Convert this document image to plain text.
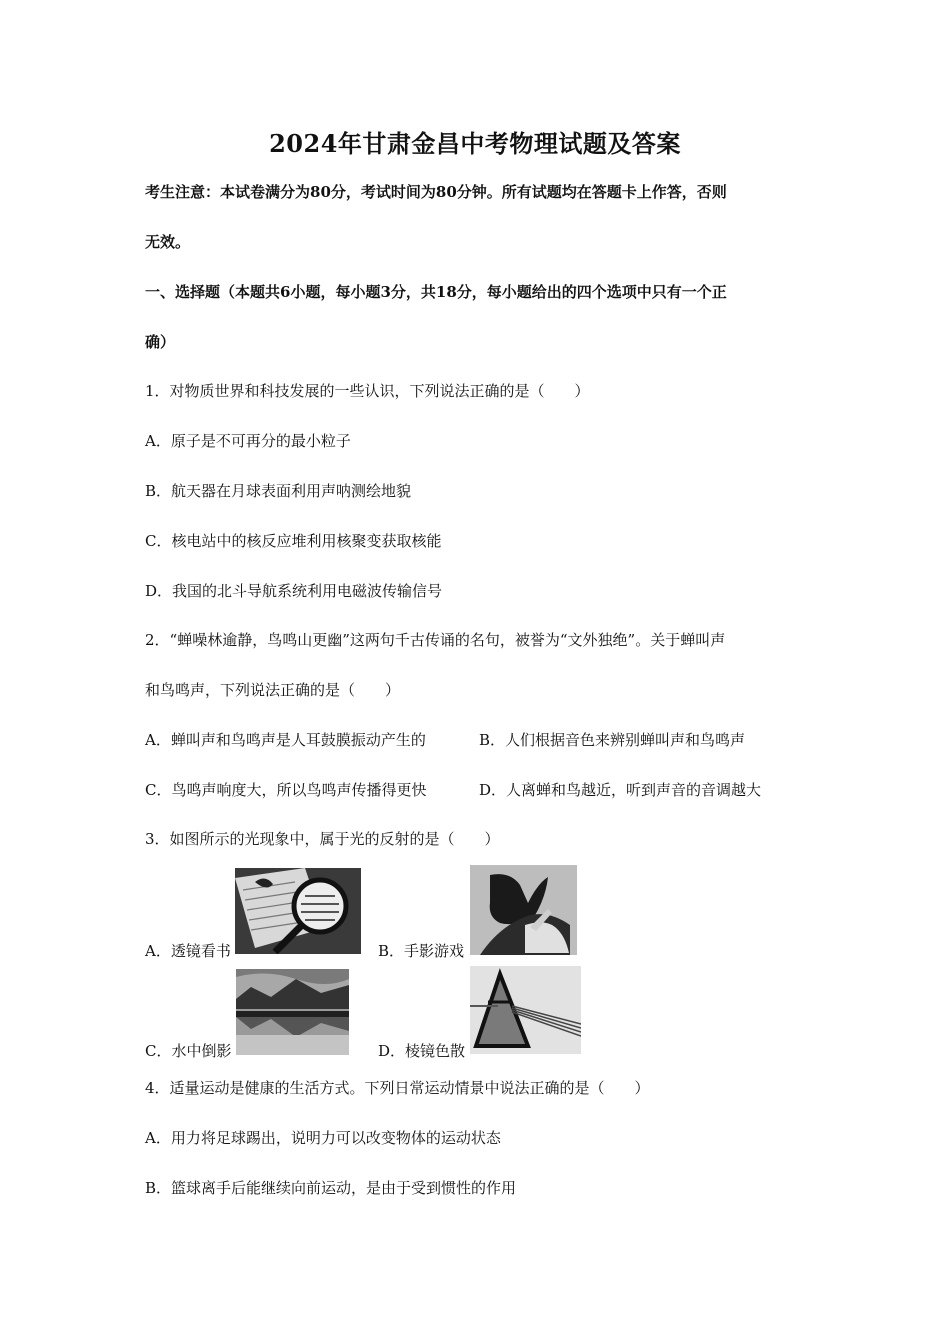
2024年甘肃金昌中考物理试题及答案
考生注意：本试卷满分为80分，考试时间为80分钟。所有试题均在答题卡上作答，否则
无效。
一、选择题（本题共6小题，每小题3分，共18分，每小题给出的四个选项中只有一个正
确）
1．对物质世界和科技发展的一些认识，下列说法正确的是（　　）
A．原子是不可再分的最小粒子
B．航天器在月球表面利用声呐测绘地貌
C．核电站中的核反应堆利用核聚变获取核能
D．我国的北斗导航系统利用电磁波传输信号
2．“蝉噪林逾静，鸟鸣山更幽”这两句千古传诵的名句，被誉为“文外独绝”。关于蝉叫声
和鸟鸣声，下列说法正确的是（　　）
A．蝉叫声和鸟鸣声是人耳鼓膜振动产生的	B．人们根据音色来辨别蝉叫声和鸟鸣声
C．鸟鸣声响度大，所以鸟鸣声传播得更快	D．人离蝉和鸟越近，听到声音的音调越大
3．如图所示的光现象中，属于光的反射的是（　　）
A．透镜看书	B．手影游戏
C．水中倒影	D．棱镜色散
4．适量运动是健康的生活方式。下列日常运动情景中说法正确的是（　　）
A．用力将足球踢出，说明力可以改变物体的运动状态
B．篮球离手后能继续向前运动，是由于受到惯性的作用
